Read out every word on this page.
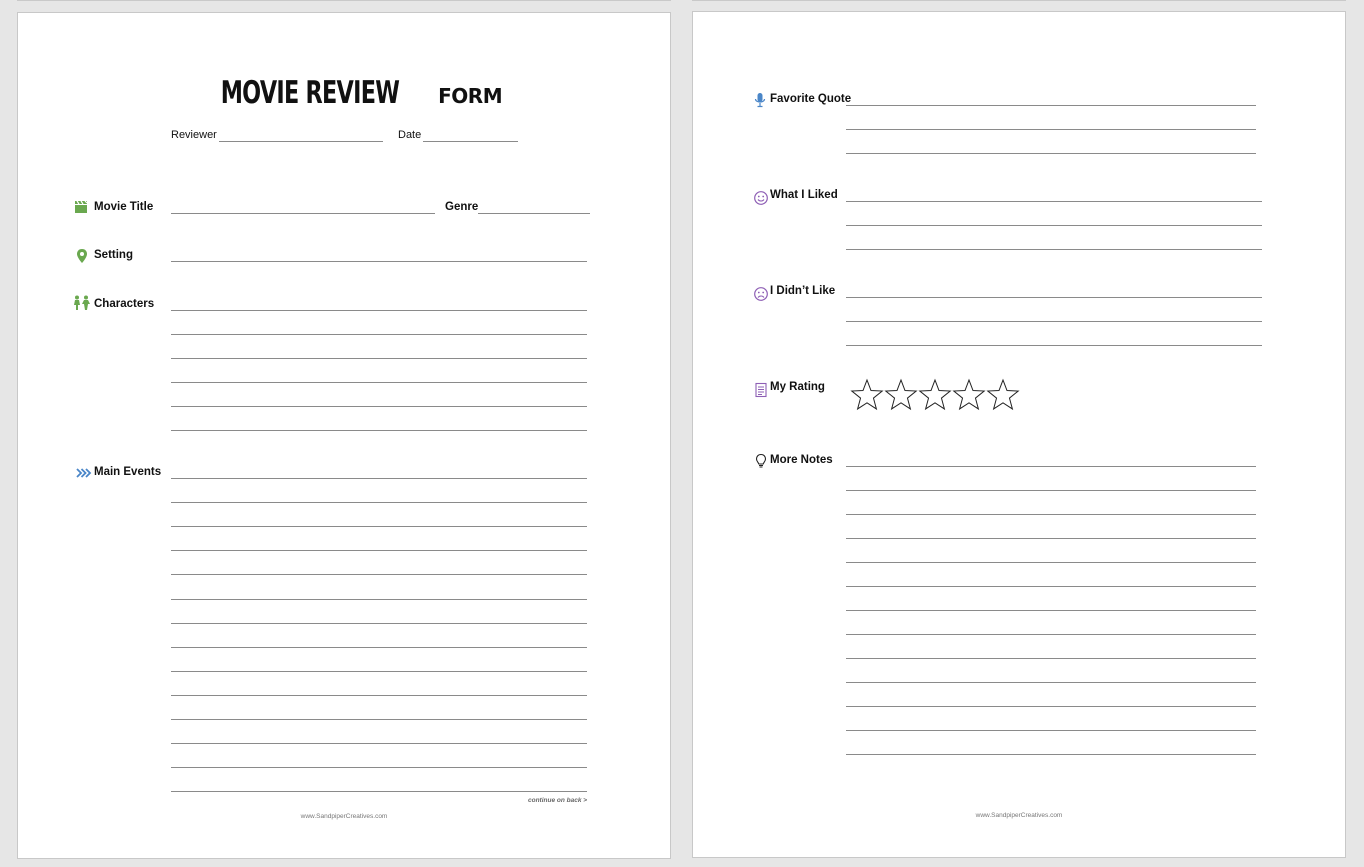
MOVIE REVIEW FORM
Reviewer	Date
Movie Title	Genre
Setting
Characters
Main Events
continue on back >
www.SandpiperCreatives.com
Favorite Quote
What I Liked
I Didn’t Like
My Rating
More Notes
www.SandpiperCreatives.com
